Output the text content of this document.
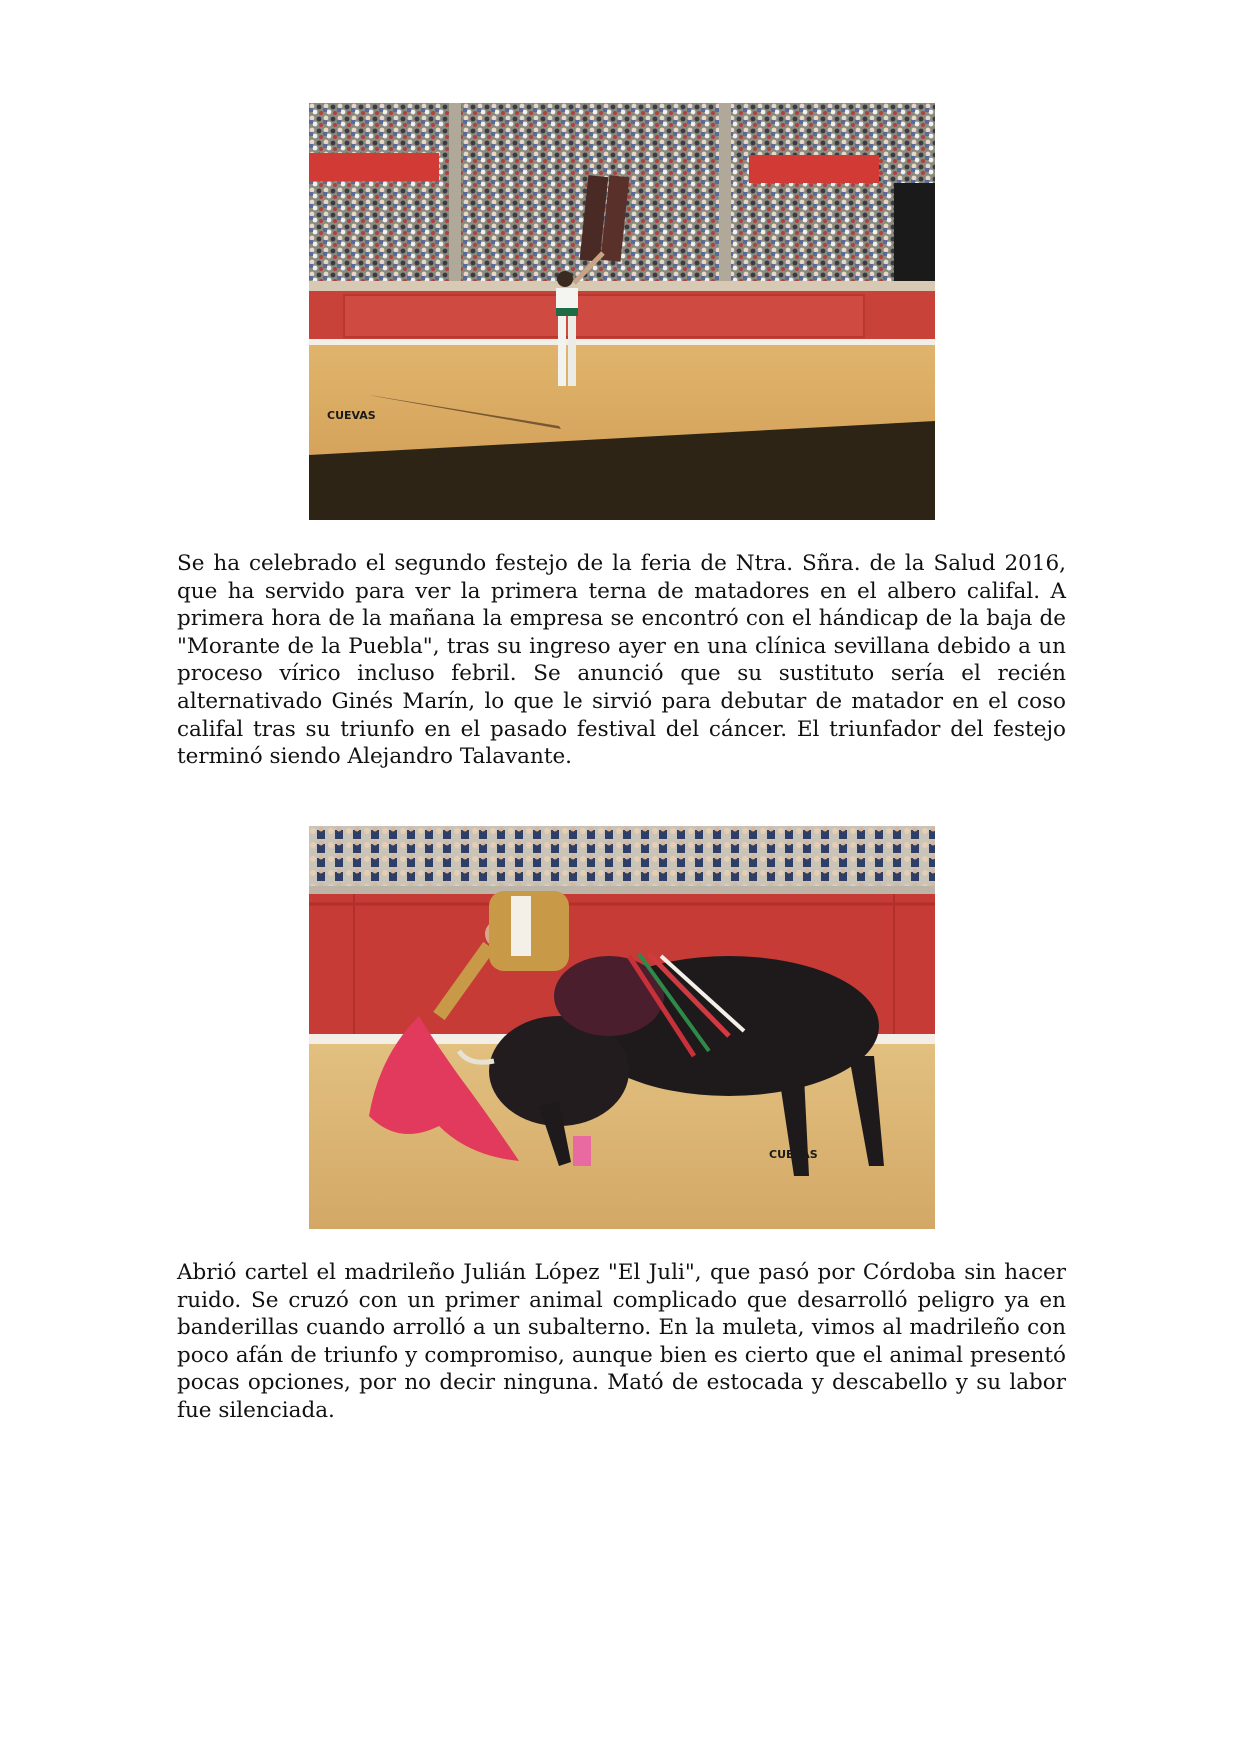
CUEVAS

Se ha celebrado el segundo festejo de la feria de Ntra. Sñra. de la Salud 2016, que ha servido para ver la primera terna de matadores en el albero califal. A primera hora de la mañana la empresa se encontró con el hándicap de la baja de "Morante de la Puebla", tras su ingreso ayer en una clínica sevillana debido a un proceso vírico incluso febril. Se anunció que su sustituto sería el recién alternativado Ginés Marín, lo que le sirvió para debutar de matador en el coso califal tras su triunfo en el pasado festival del cáncer. El triunfador del festejo terminó siendo Alejandro Talavante.

CUEVAS

Abrió cartel el madrileño Julián López "El Juli", que pasó por Córdoba sin hacer ruido. Se cruzó con un primer animal complicado que desarrolló peligro ya en banderillas cuando arrolló a un subalterno. En la muleta, vimos al madrileño con poco afán de triunfo y compromiso, aunque bien es cierto que el animal presentó pocas opciones, por no decir ninguna. Mató de estocada y descabello y su labor fue silenciada.
